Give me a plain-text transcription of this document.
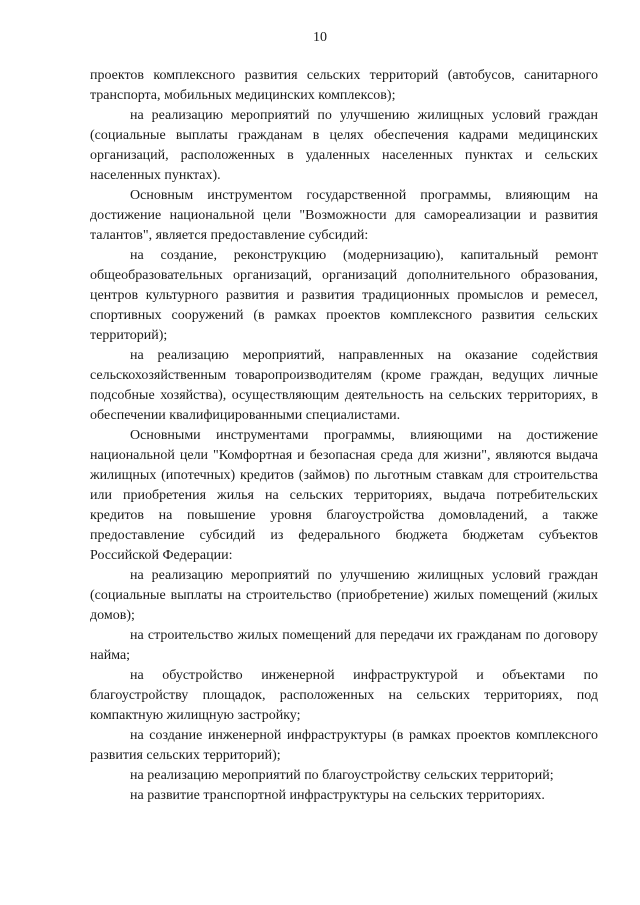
10

проектов комплексного развития сельских территорий (автобусов, санитарного транспорта, мобильных медицинских комплексов);

на реализацию мероприятий по улучшению жилищных условий граждан (социальные выплаты гражданам в целях обеспечения кадрами медицинских организаций, расположенных в удаленных населенных пунктах и сельских населенных пунктах).

Основным инструментом государственной программы, влияющим на достижение национальной цели "Возможности для самореализации и развития талантов", является предоставление субсидий:

на создание, реконструкцию (модернизацию), капитальный ремонт общеобразовательных организаций, организаций дополнительного образования, центров культурного развития и развития традиционных промыслов и ремесел, спортивных сооружений (в рамках проектов комплексного развития сельских территорий);

на реализацию мероприятий, направленных на оказание содействия сельскохозяйственным товаропроизводителям (кроме граждан, ведущих личные подсобные хозяйства), осуществляющим деятельность на сельских территориях, в обеспечении квалифицированными специалистами.

Основными инструментами программы, влияющими на достижение национальной цели "Комфортная и безопасная среда для жизни", являются выдача жилищных (ипотечных) кредитов (займов) по льготным ставкам для строительства или приобретения жилья на сельских территориях, выдача потребительских кредитов на повышение уровня благоустройства домовладений, а также предоставление субсидий из федерального бюджета бюджетам субъектов Российской Федерации:

на реализацию мероприятий по улучшению жилищных условий граждан (социальные выплаты на строительство (приобретение) жилых помещений (жилых домов);

на строительство жилых помещений для передачи их гражданам по договору найма;

на обустройство инженерной инфраструктурой и объектами по благоустройству площадок, расположенных на сельских территориях, под компактную жилищную застройку;

на создание инженерной инфраструктуры (в рамках проектов комплексного развития сельских территорий);

на реализацию мероприятий по благоустройству сельских территорий;

на развитие транспортной инфраструктуры на сельских территориях.
